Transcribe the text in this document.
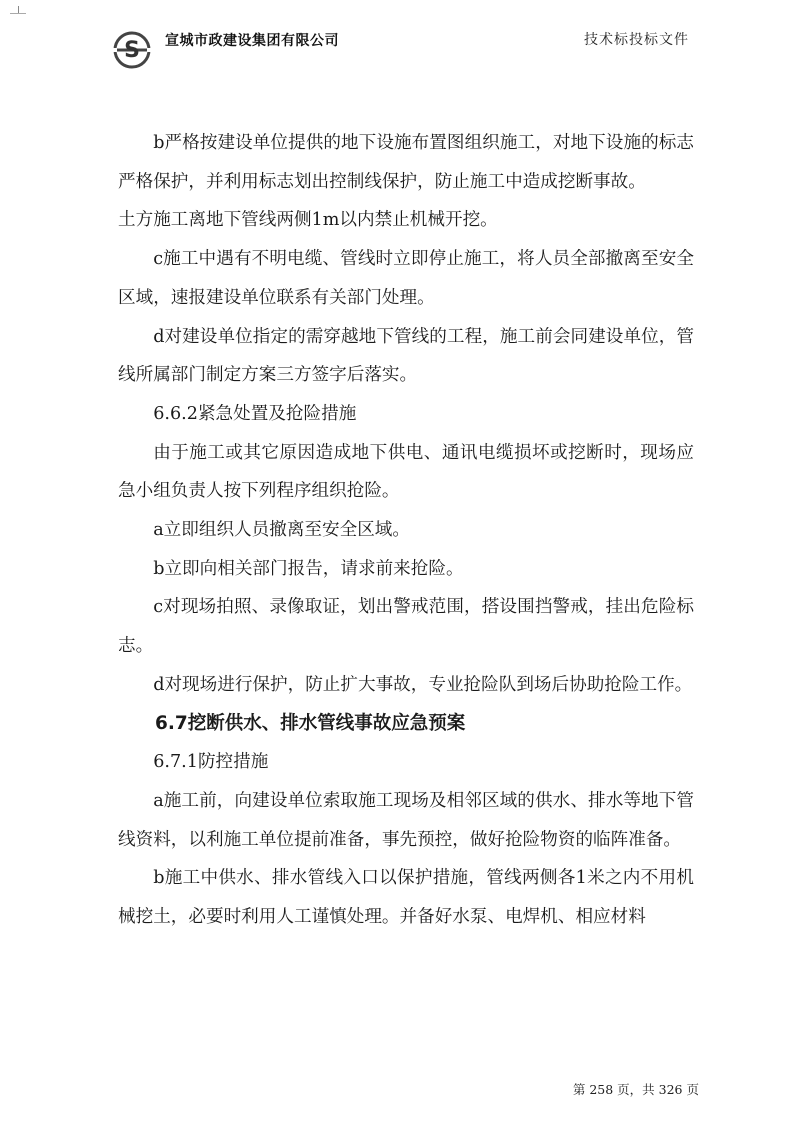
S 宣城市政建设集团有限公司	技术标投标文件

b严格按建设单位提供的地下设施布置图组织施工，对地下设施的标志严格保护，并利用标志划出控制线保护，防止施工中造成挖断事故。

土方施工离地下管线两侧1m以内禁止机械开挖。

c施工中遇有不明电缆、管线时立即停止施工，将人员全部撤离至安全区域，速报建设单位联系有关部门处理。

d对建设单位指定的需穿越地下管线的工程，施工前会同建设单位，管线所属部门制定方案三方签字后落实。

6.6.2紧急处置及抢险措施

由于施工或其它原因造成地下供电、通讯电缆损坏或挖断时，现场应急小组负责人按下列程序组织抢险。

a立即组织人员撤离至安全区域。

b立即向相关部门报告，请求前来抢险。

c对现场拍照、录像取证，划出警戒范围，搭设围挡警戒，挂出危险标志。

d对现场进行保护，防止扩大事故，专业抢险队到场后协助抢险工作。

6.7挖断供水、排水管线事故应急预案

6.7.1防控措施

a施工前，向建设单位索取施工现场及相邻区域的供水、排水等地下管线资料，以利施工单位提前准备，事先预控，做好抢险物资的临阵准备。

b施工中供水、排水管线入口以保护措施，管线两侧各1米之内不用机械挖土，必要时利用人工谨慎处理。并备好水泵、电焊机、相应材料

第 258 页，共 326 页
